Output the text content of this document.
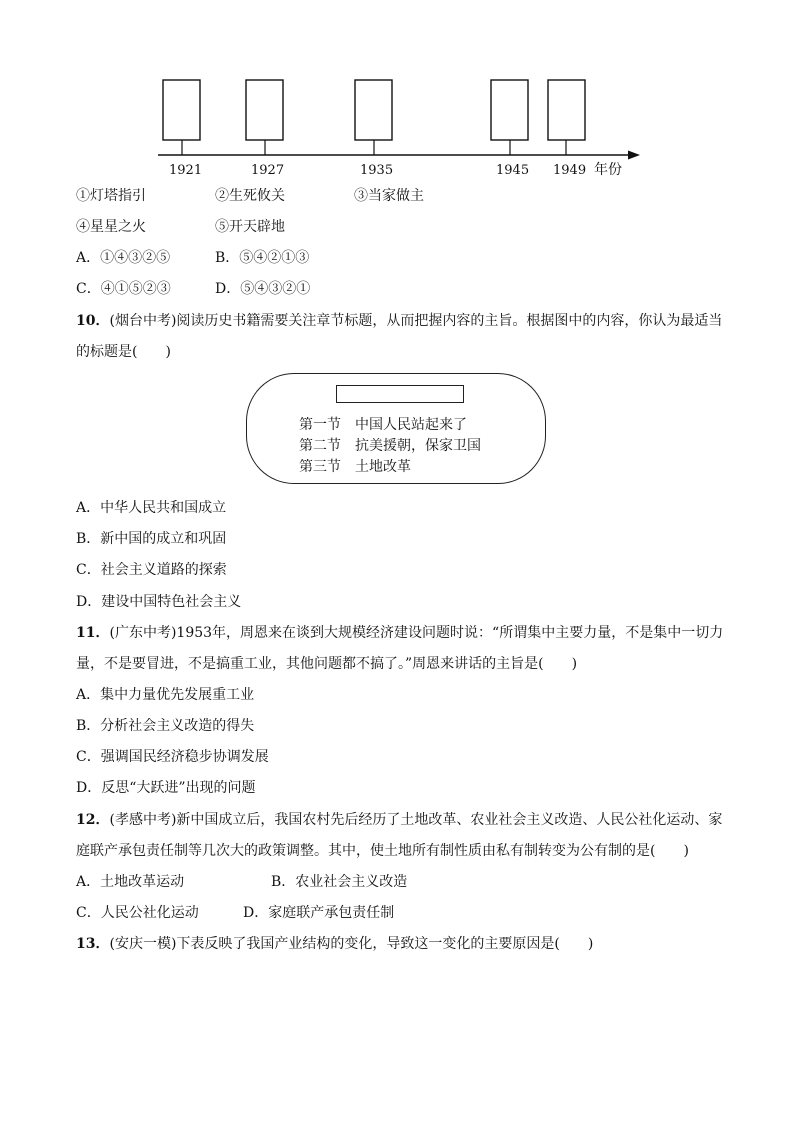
1921	1927	1935	1945 1949 年份
①灯塔指引	②生死攸关	③当家做主
④星星之火	⑤开天辟地
A．①④③②⑤	B．⑤④②①③
C．④①⑤②③	D．⑤④③②①
10．(烟台中考)阅读历史书籍需要关注章节标题，从而把握内容的主旨。根据图中的内容，你认为最适当
的标题是(　　)
第一节　中国人民站起来了
第二节　抗美援朝，保家卫国
第三节　土地改革
A．中华人民共和国成立
B．新中国的成立和巩固
C．社会主义道路的探索
D．建设中国特色社会主义
11．(广东中考)1953年，周恩来在谈到大规模经济建设问题时说：“所谓集中主要力量，不是集中一切力
量，不是要冒进，不是搞重工业，其他问题都不搞了。”周恩来讲话的主旨是(　　)
A．集中力量优先发展重工业
B．分析社会主义改造的得失
C．强调国民经济稳步协调发展
D．反思“大跃进”出现的问题
12．(孝感中考)新中国成立后，我国农村先后经历了土地改革、农业社会主义改造、人民公社化运动、家
庭联产承包责任制等几次大的政策调整。其中，使土地所有制性质由私有制转变为公有制的是(　　)
A．土地改革运动	B．农业社会主义改造
C．人民公社化运动	D．家庭联产承包责任制
13．(安庆一模)下表反映了我国产业结构的变化，导致这一变化的主要原因是(　　)
